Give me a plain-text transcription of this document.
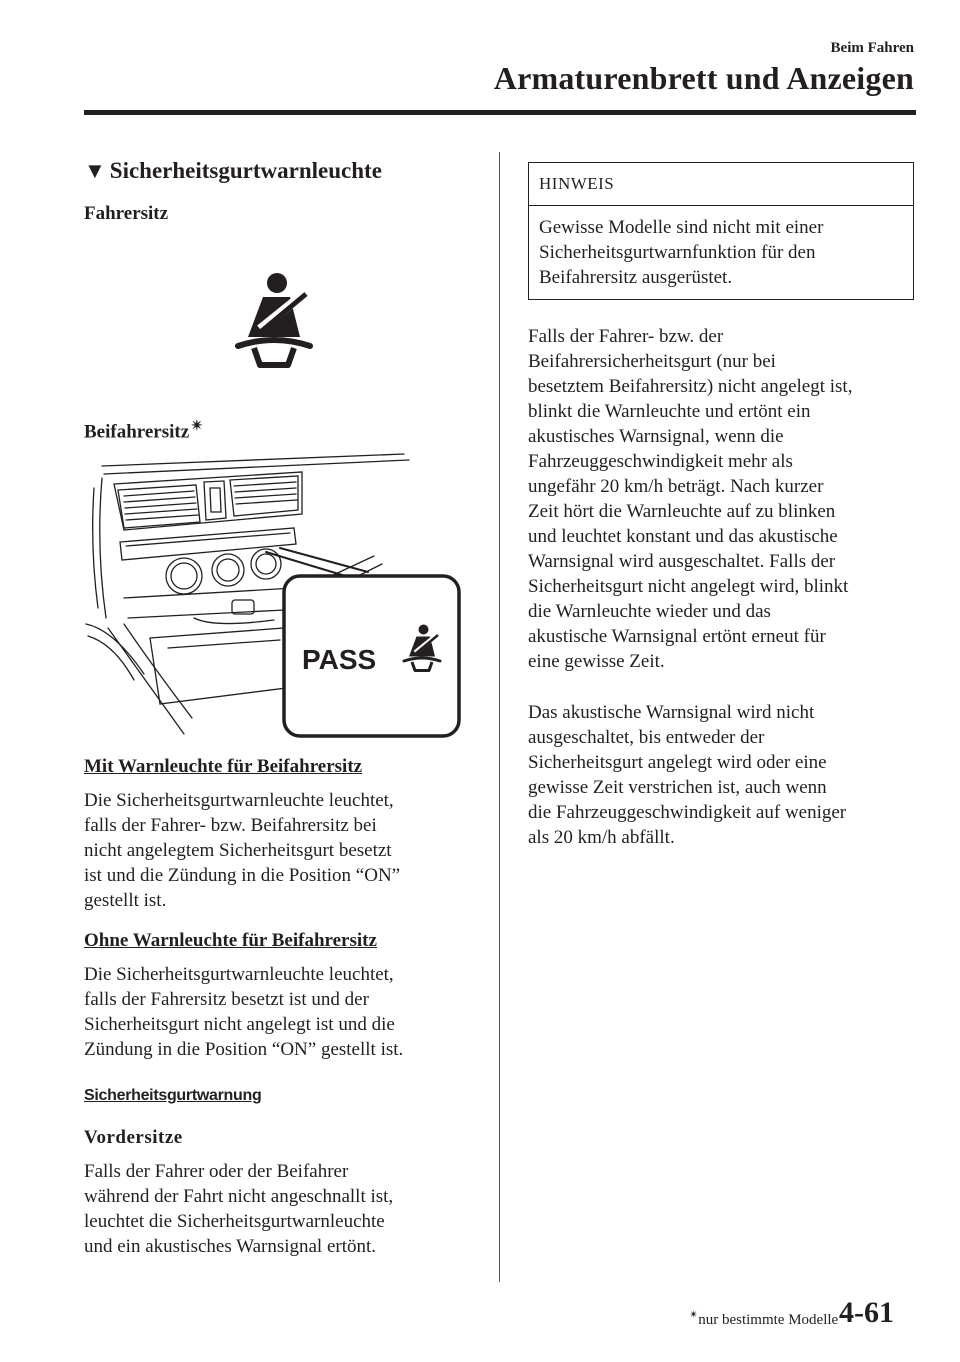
Beim Fahren
Armaturenbrett und Anzeigen
▼ Sicherheitsgurtwarnleuchte
Fahrersitz
Beifahrersitz ✴
PASS
Mit Warnleuchte für Beifahrersitz
Die Sicherheitsgurtwarnleuchte leuchtet,
falls der Fahrer- bzw. Beifahrersitz bei
nicht angelegtem Sicherheitsgurt besetzt
ist und die Zündung in die Position “ON”
gestellt ist.
Ohne Warnleuchte für Beifahrersitz
Die Sicherheitsgurtwarnleuchte leuchtet,
falls der Fahrersitz besetzt ist und der
Sicherheitsgurt nicht angelegt ist und die
Zündung in die Position “ON” gestellt ist.
Sicherheitsgurtwarnung
Vordersitze
Falls der Fahrer oder der Beifahrer
während der Fahrt nicht angeschnallt ist,
leuchtet die Sicherheitsgurtwarnleuchte
und ein akustisches Warnsignal ertönt.
HINWEIS
Gewisse Modelle sind nicht mit einer
Sicherheitsgurtwarnfunktion für den
Beifahrersitz ausgerüstet.
Falls der Fahrer- bzw. der
Beifahrersicherheitsgurt (nur bei
besetztem Beifahrersitz) nicht angelegt ist,
blinkt die Warnleuchte und ertönt ein
akustisches Warnsignal, wenn die
Fahrzeuggeschwindigkeit mehr als
ungefähr 20 km/h beträgt. Nach kurzer
Zeit hört die Warnleuchte auf zu blinken
und leuchtet konstant und das akustische
Warnsignal wird ausgeschaltet. Falls der
Sicherheitsgurt nicht angelegt wird, blinkt
die Warnleuchte wieder und das
akustische Warnsignal ertönt erneut für
eine gewisse Zeit.
Das akustische Warnsignal wird nicht
ausgeschaltet, bis entweder der
Sicherheitsgurt angelegt wird oder eine
gewisse Zeit verstrichen ist, auch wenn
die Fahrzeuggeschwindigkeit auf weniger
als 20 km/h abfällt.
✴nur bestimmte Modelle 4-61
